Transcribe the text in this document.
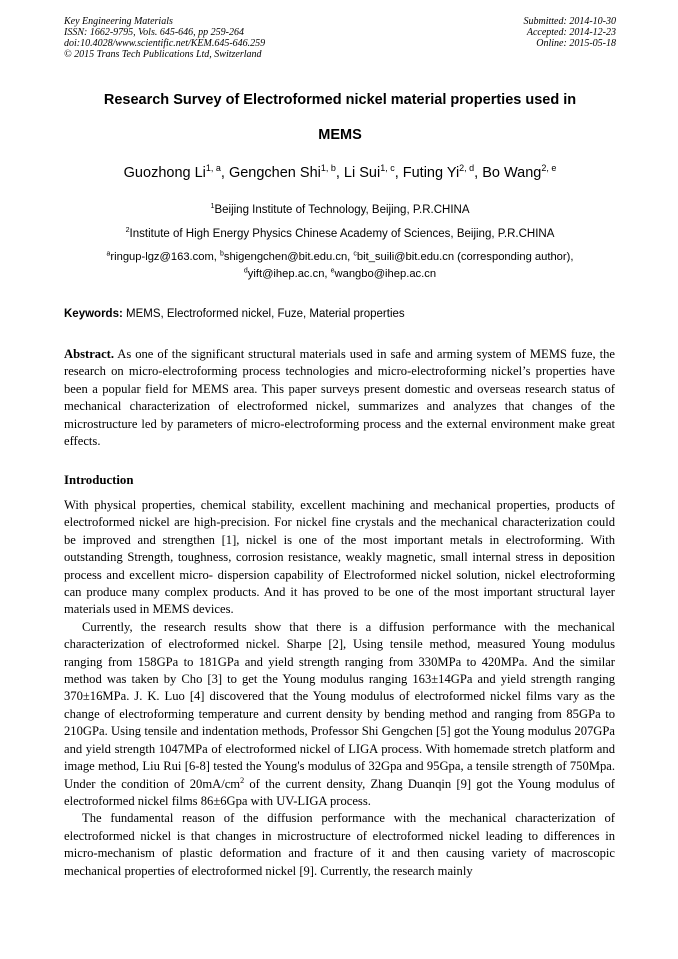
Key Engineering Materials
ISSN: 1662-9795, Vols. 645-646, pp 259-264
doi:10.4028/www.scientific.net/KEM.645-646.259
© 2015 Trans Tech Publications Ltd, Switzerland
Submitted: 2014-10-30
Accepted: 2014-12-23
Online: 2015-05-18
Research Survey of Electroformed nickel material properties used in
MEMS
Guozhong Li$^{1, a}$, Gengchen Shi$^{1, b}$, Li Sui$^{1, c}$, Futing Yi$^{2, d}$, Bo Wang$^{2, e}$
$^1$Beijing Institute of Technology, Beijing, P.R.CHINA
$^2$Institute of High Energy Physics Chinese Academy of Sciences, Beijing, P.R.CHINA
$^a$ringup-lgz@163.com, $^b$shigengchen@bit.edu.cn, $^c$bit_suili@bit.edu.cn (corresponding author),
$^d$yift@ihep.ac.cn, $^e$wangbo@ihep.ac.cn
Keywords: MEMS, Electroformed nickel, Fuze, Material properties

Abstract. As one of the significant structural materials used in safe and arming system of MEMS fuze, the research on micro-electroforming process technologies and micro-electroforming nickel’s properties have been a popular field for MEMS area. This paper surveys present domestic and overseas research status of mechanical characterization of electroformed nickel, summarizes and analyzes that changes of the microstructure led by parameters of micro-electroforming process and the external environment make great effects.

Introduction

With physical properties, chemical stability, excellent machining and mechanical properties, products of electroformed nickel are high-precision. For nickel fine crystals and the mechanical characterization could be improved and strengthen [1], nickel is one of the most important metals in electroforming. With outstanding Strength, toughness, corrosion resistance, weakly magnetic, small internal stress in deposition process and excellent micro- dispersion capability of Electroformed nickel solution, nickel electroforming can produce many complex products. And it has proved to be one of the most important structural layer materials used in MEMS devices.

Currently, the research results show that there is a diffusion performance with the mechanical characterization of electroformed nickel. Sharpe [2], Using tensile method, measured Young modulus ranging from 158GPa to 181GPa and yield strength ranging from 330MPa to 420MPa. And the similar method was taken by Cho [3] to get the Young modulus ranging 163±14GPa and yield strength ranging 370±16MPa. J. K. Luo [4] discovered that the Young modulus of electroformed nickel films vary as the change of electroforming temperature and current density by bending method and ranging from 85GPa to 210GPa. Using tensile and indentation methods, Professor Shi Gengchen [5] got the Young modulus 207GPa and yield strength 1047MPa of electroformed nickel of LIGA process. With homemade stretch platform and image method, Liu Rui [6-8] tested the Young's modulus of 32Gpa and 95Gpa, a tensile strength of 750Mpa. Under the condition of $20mA/cm^2$ of the current density, Zhang Duanqin [9] got the Young modulus of electroformed nickel films 86±6Gpa with UV-LIGA process.

The fundamental reason of the diffusion performance with the mechanical characterization of electroformed nickel is that changes in microstructure of electroformed nickel leading to differences in micro-mechanism of plastic deformation and fracture of it and then causing variety of macroscopic mechanical properties of electroformed nickel [9]. Currently, the research mainly
